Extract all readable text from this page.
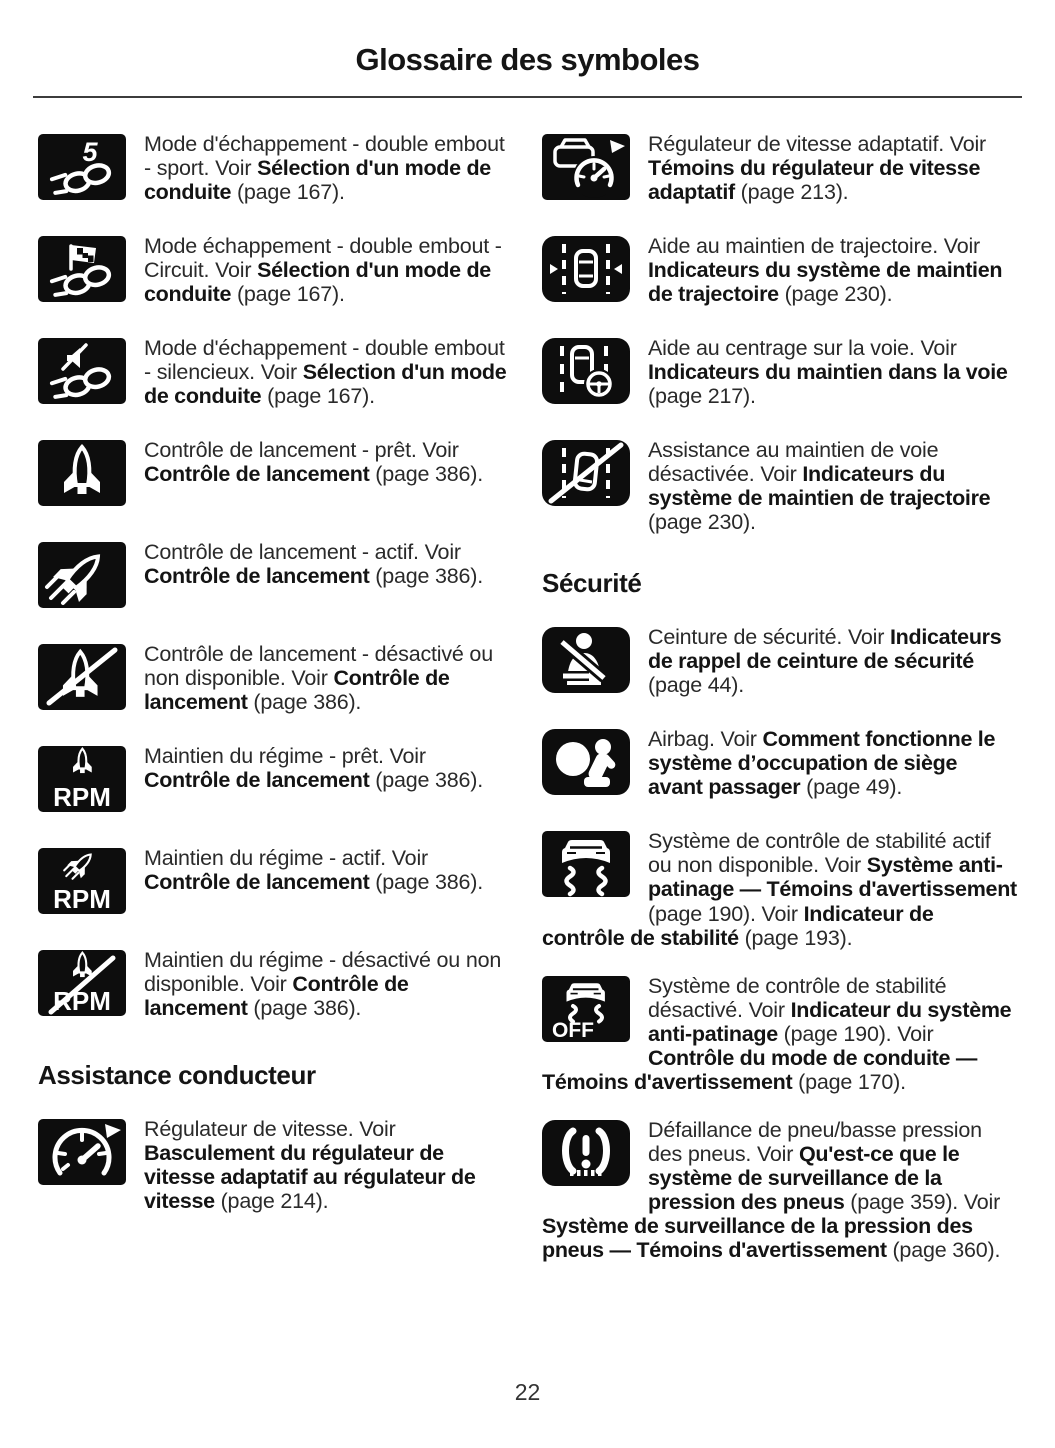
Glossaire des symboles
5	Mode d'échappement - double embout - sport. Voir Sélection d'un mode de conduite (page 167).

Mode échappement - double embout - Circuit. Voir Sélection d'un mode de conduite (page 167).

Mode d'échappement - double embout - silencieux. Voir Sélection d'un mode de conduite (page 167).

Contrôle de lancement - prêt. Voir Contrôle de lancement (page 386).

Contrôle de lancement - actif. Voir Contrôle de lancement (page 386).

Contrôle de lancement - désactivé ou non disponible. Voir Contrôle de lancement (page 386).

RPM

Maintien du régime - prêt. Voir Contrôle de lancement (page 386).

RPM

Maintien du régime - actif. Voir Contrôle de lancement (page 386).

RPM

Maintien du régime - désactivé ou non disponible. Voir Contrôle de lancement (page 386).

Assistance conducteur

Régulateur de vitesse. Voir Basculement du régulateur de vitesse adaptatif au régulateur de vitesse (page 214).

Régulateur de vitesse adaptatif. Voir Témoins du régulateur de vitesse adaptatif (page 213).

Aide au maintien de trajectoire. Voir Indicateurs du système de maintien de trajectoire (page 230).

Aide au centrage sur la voie. Voir Indicateurs du maintien dans la voie (page 217).

Assistance au maintien de voie désactivée. Voir Indicateurs du système de maintien de trajectoire (page 230).

Sécurité

Ceinture de sécurité. Voir Indicateurs de rappel de ceinture de sécurité (page 44).

Airbag. Voir Comment fonctionne le système d’occupation de siège avant passager (page 49).

Système de contrôle de stabilité actif ou non disponible. Voir Système anti-patinage — Témoins d'avertissement (page 190). Voir Indicateur de contrôle de stabilité (page 193).

OFF

Système de contrôle de stabilité désactivé. Voir Indicateur du système anti-patinage (page 190). Voir Contrôle du mode de conduite — Témoins d'avertissement (page 170).

Défaillance de pneu/basse pression des pneus. Voir Qu'est-ce que le système de surveillance de la pression des pneus (page 359). Voir Système de surveillance de la pression des pneus — Témoins d'avertissement (page 360).

22
